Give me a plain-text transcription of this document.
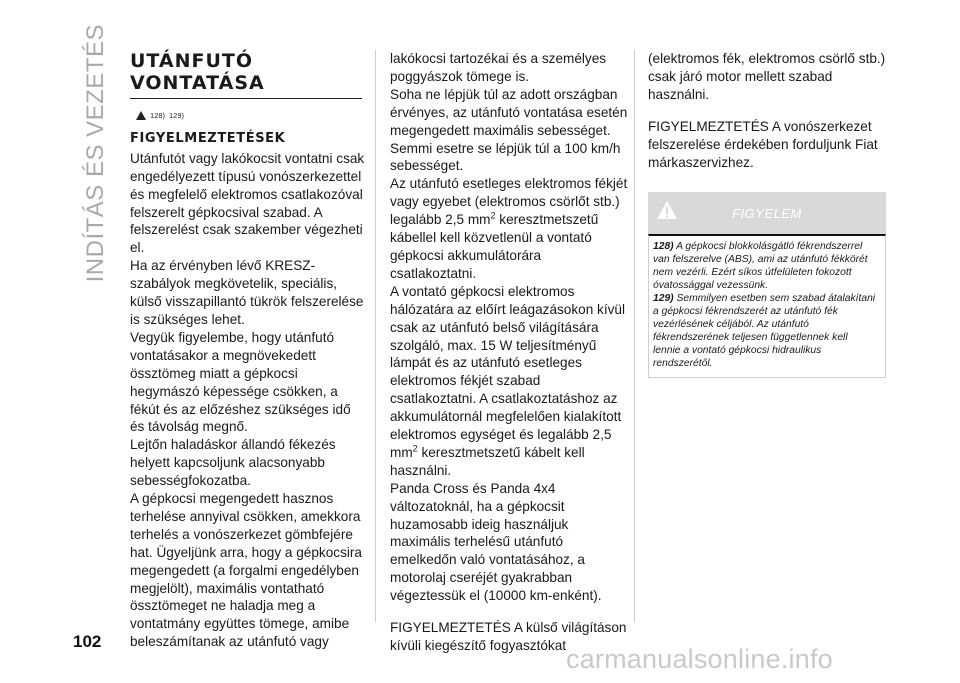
INDÍTÁS ÉS VEZETÉS
102
UTÁNFUTÓ
VONTATÁSA
128) 129)
FIGYELMEZTETÉSEK

Utánfutót vagy lakókocsit vontatni csak engedélyezett típusú vonószerkezettel és megfelelő elektromos csatlakozóval felszerelt gépkocsival szabad. A felszerelést csak szakember végezheti el.

Ha az érvényben lévő KRESZ-szabályok megkövetelik, speciális, külső visszapillantó tükrök felszerelése is szükséges lehet.

Vegyük figyelembe, hogy utánfutó vontatásakor a megnövekedett össztömeg miatt a gépkocsi hegymászó képessége csökken, a fékút és az előzéshez szükséges idő és távolság megnő.

Lejtőn haladáskor állandó fékezés helyett kapcsoljunk alacsonyabb sebességfokozatba.

A gépkocsi megengedett hasznos terhelése annyival csökken, amekkora terhelés a vonószerkezet gömbfejére hat. Ügyeljünk arra, hogy a gépkocsira megengedett (a forgalmi engedélyben megjelölt), maximális vontatható össztömeget ne haladja meg a vontatmány együttes tömege, amibe beleszámítanak az utánfutó vagy

lakókocsi tartozékai és a személyes poggyászok tömege is.

Soha ne lépjük túl az adott országban érvényes, az utánfutó vontatása esetén megengedett maximális sebességet. Semmi esetre se lépjük túl a 100 km/h sebességet.

Az utánfutó esetleges elektromos fékjét vagy egyebet (elektromos csörlőt stb.) legalább 2,5 $mm^2$ keresztmetszetű kábellel kell közvetlenül a vontató gépkocsi akkumulátorára csatlakoztatni.

A vontató gépkocsi elektromos hálózatára az előírt leágazásokon kívül csak az utánfutó belső világítására szolgáló, max. 15 W teljesítményű lámpát és az utánfutó esetleges elektromos fékjét szabad csatlakoztatni. A csatlakoztatáshoz az akkumulátornál megfelelően kialakított elektromos egységet és legalább 2,5 $mm^2$ keresztmetszetű kábelt kell használni.

Panda Cross és Panda 4x4 változatoknál, ha a gépkocsit huzamosabb ideig használjuk maximális terhelésű utánfutó emelkedőn való vontatásához, a motorolaj cseréjét gyakrabban végeztessük el (10000 km-enként).

FIGYELMEZTETÉS A külső világításon kívüli kiegészítő fogyasztókat

(elektromos fék, elektromos csörlő stb.) csak járó motor mellett szabad használni.

FIGYELMEZTETÉS A vonószerkezet felszerelése érdekében forduljunk Fiat márkaszervizhez.

FIGYELEM

128) A gépkocsi blokkolásgátló fékrendszerrel van felszerelve (ABS), ami az utánfutó fékkörét nem vezérli. Ezért síkos útfelületen fokozott óvatossággal vezessünk.

129) Semmilyen esetben sem szabad átalakítani a gépkocsi fékrendszerét az utánfutó fék vezérlésének céljából. Az utánfutó fékrendszerének teljesen függetlennek kell lennie a vontató gépkocsi hidraulikus rendszerétől.

carmanualsonline.info
